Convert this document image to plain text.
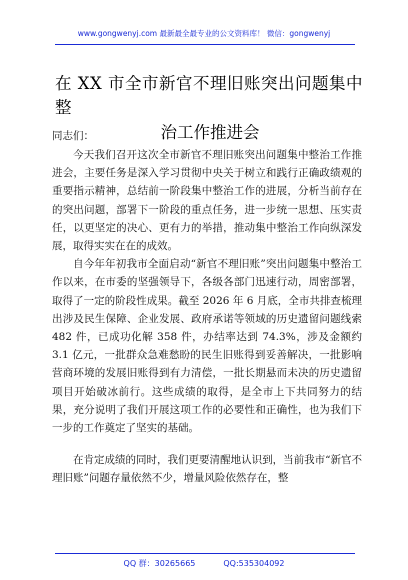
www.gongwenyj.com 最新最全最专业的公文资料库！ 微信：gongwenyj
在 XX 市全市新官不理旧账突出问题集中整
治工作推进会
同志们：

今天我们召开这次全市新官不理旧账突出问题集中整治工作推进会，主要任务是深入学习贯彻中央关于树立和践行正确政绩观的重要指示精神，总结前一阶段集中整治工作的进展，分析当前存在的突出问题，部署下一阶段的重点任务，进一步统一思想、压实责任，以更坚定的决心、更有力的举措，推动集中整治工作向纵深发展，取得实实在在的成效。

自今年年初我市全面启动“新官不理旧账”突出问题集中整治工作以来，在市委的坚强领导下，各级各部门迅速行动，周密部署，取得了一定的阶段性成果。截至 2026 年 6 月底，全市共排查梳理出涉及民生保障、企业发展、政府承诺等领域的历史遗留问题线索 482 件，已成功化解 358 件，办结率达到 74.3%，涉及金额约 3.1 亿元，一批群众急难愁盼的民生旧账得到妥善解决，一批影响营商环境的发展旧账得到有力清偿，一批长期悬而未决的历史遗留项目开始破冰前行。这些成绩的取得，是全市上下共同努力的结果，充分说明了我们开展这项工作的必要性和正确性，也为我们下一步的工作奠定了坚实的基础。

在肯定成绩的同时，我们更要清醒地认识到，当前我市“新官不理旧账”问题存量依然不少，增量风险依然存在，整

QQ 群：30265665	QQ:535304092
